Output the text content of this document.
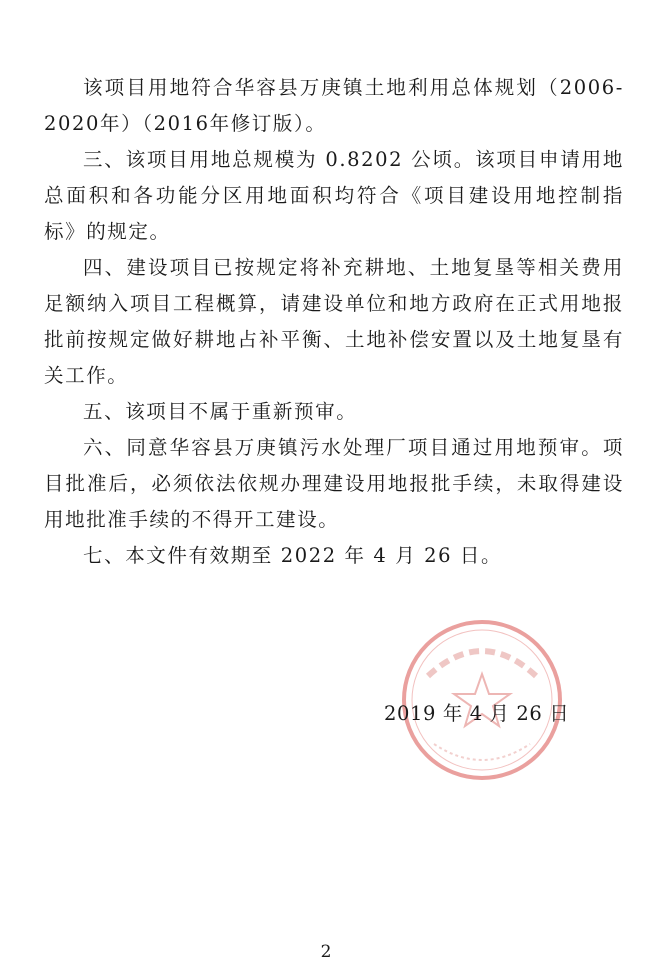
该项目用地符合华容县万庚镇土地利用总体规划（2006-2020年）（2016年修订版）。

三、该项目用地总规模为 0.8202 公顷。该项目申请用地总面积和各功能分区用地面积均符合《项目建设用地控制指标》的规定。

四、建设项目已按规定将补充耕地、土地复垦等相关费用足额纳入项目工程概算，请建设单位和地方政府在正式用地报批前按规定做好耕地占补平衡、土地补偿安置以及土地复垦有关工作。

五、该项目不属于重新预审。

六、同意华容县万庚镇污水处理厂项目通过用地预审。项目批准后，必须依法依规办理建设用地报批手续，未取得建设用地批准手续的不得开工建设。

七、本文件有效期至 2022 年 4 月 26 日。

2019 年 4 月 26 日
2
